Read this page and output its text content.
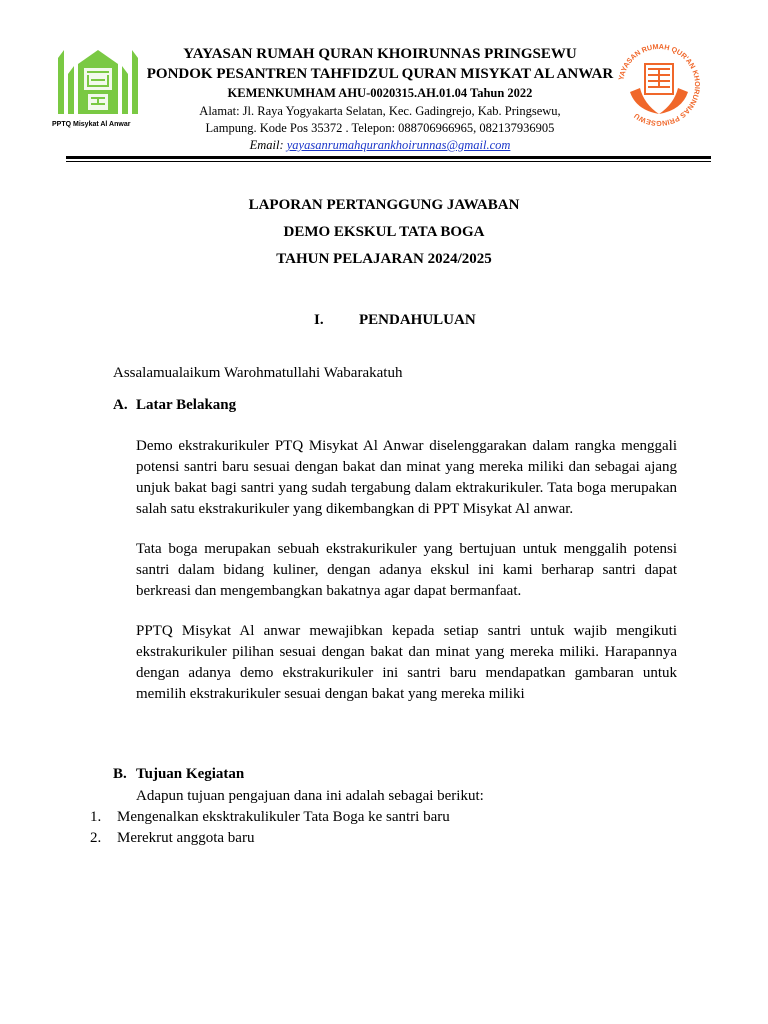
PPTQ Misykat Al Anwar
YAYASAN RUMAH QUR'AN KHOIRUNNAS PRINGSEWU
YAYASAN RUMAH QURAN KHOIRUNNAS PRINGSEWU
PONDOK PESANTREN TAHFIDZUL QURAN MISYKAT AL ANWAR
KEMENKUMHAM AHU-0020315.AH.01.04 Tahun 2022
Alamat: Jl. Raya Yogyakarta Selatan, Kec. Gadingrejo, Kab. Pringsewu,
Lampung. Kode Pos 35372 . Telepon: 088706966965, 082137936905
Email: yayasanrumahqurankhoirunnas@gmail.com
LAPORAN PERTANGGUNG JAWABAN
DEMO EKSKUL TATA BOGA
TAHUN PELAJARAN 2024/2025
I. PENDAHULUAN
Assalamualaikum Warohmatullahi Wabarakatuh
A. Latar Belakang

Demo ekstrakurikuler PTQ Misykat Al Anwar diselenggarakan dalam rangka menggali potensi santri baru sesuai dengan bakat dan minat yang mereka miliki dan sebagai ajang unjuk bakat bagi santri yang sudah tergabung dalam ektrakurikuler. Tata boga merupakan salah satu ekstrakurikuler yang dikembangkan di PPT Misykat Al anwar.

Tata boga merupakan sebuah ekstrakurikuler yang bertujuan untuk menggalih potensi santri dalam bidang kuliner, dengan adanya ekskul ini kami berharap santri dapat berkreasi dan mengembangkan bakatnya agar dapat bermanfaat.

PPTQ Misykat Al anwar mewajibkan kepada setiap santri untuk wajib mengikuti ekstrakurikuler pilihan sesuai dengan bakat dan minat yang mereka miliki. Harapannya dengan adanya demo ekstrakurikuler ini santri baru mendapatkan gambaran untuk memilih ekstrakurikuler sesuai dengan bakat yang mereka miliki

B. Tujuan Kegiatan
Adapun tujuan pengajuan dana ini adalah sebagai berikut:
1. Mengenalkan eksktrakulikuler Tata Boga ke santri baru
2. Merekrut anggota baru
